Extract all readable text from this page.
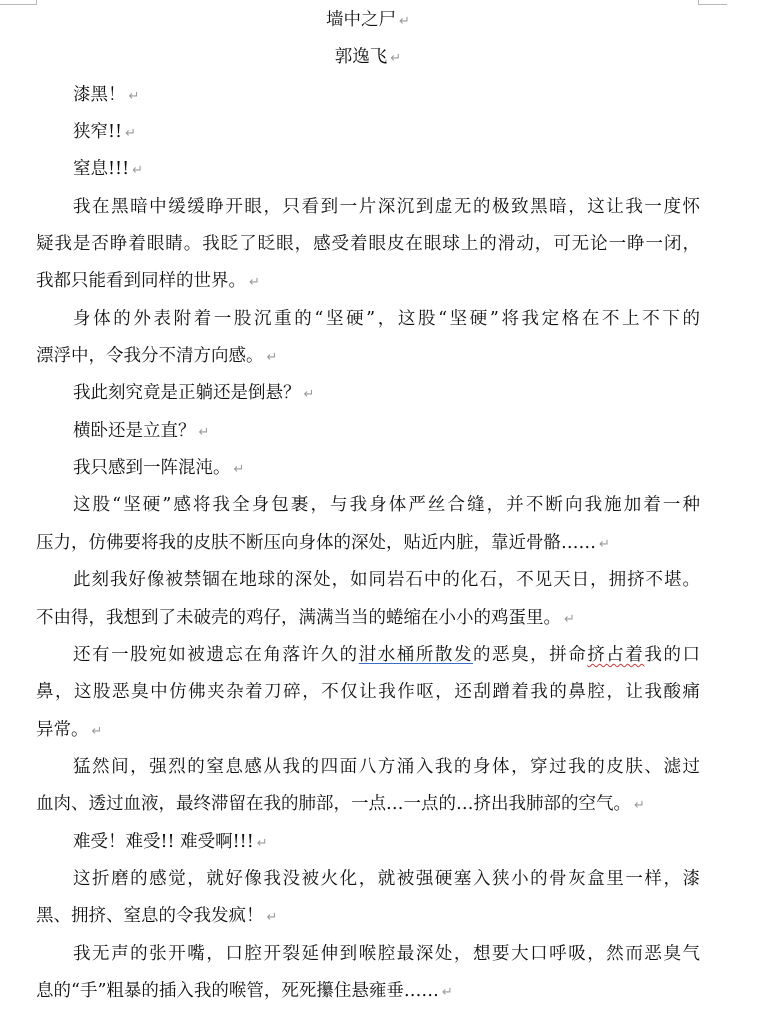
墙中之尸 ↵
郭逸飞 ↵
漆黑！ ↵
狭窄!! ↵
窒息!!! ↵
我在黑暗中缓缓睁开眼，只看到一片深沉到虚无的极致黑暗，这让我一度怀
疑我是否睁着眼睛。我眨了眨眼，感受着眼皮在眼球上的滑动，可无论一睁一闭，
我都只能看到同样的世界。 ↵
身体的外表附着一股沉重的“坚硬”，这股“坚硬”将我定格在不上不下的
漂浮中，令我分不清方向感。 ↵
我此刻究竟是正躺还是倒悬？ ↵
横卧还是立直？ ↵
我只感到一阵混沌。 ↵
这股“坚硬”感将我全身包裹，与我身体严丝合缝，并不断向我施加着一种
压力，仿佛要将我的皮肤不断压向身体的深处，贴近内脏，靠近骨骼…… ↵
此刻我好像被禁锢在地球的深处，如同岩石中的化石，不见天日，拥挤不堪。
不由得，我想到了未破壳的鸡仔，满满当当的蜷缩在小小的鸡蛋里。 ↵
还有一股宛如被遗忘在角落许久的泔水桶所散发的恶臭，拼命挤占着我的口
鼻，这股恶臭中仿佛夹杂着刀碎，不仅让我作呕，还刮蹭着我的鼻腔，让我酸痛
异常。 ↵
猛然间，强烈的窒息感从我的四面八方涌入我的身体，穿过我的皮肤、滤过
血肉、透过血液，最终滞留在我的肺部，一点…一点的…挤出我肺部的空气。 ↵
难受！难受!! 难受啊!!! ↵
这折磨的感觉，就好像我没被火化，就被强硬塞入狭小的骨灰盒里一样，漆
黑、拥挤、窒息的令我发疯！ ↵
我无声的张开嘴，口腔开裂延伸到喉腔最深处，想要大口呼吸，然而恶臭气
息的“手”粗暴的插入我的喉管，死死攥住悬雍垂…… ↵
